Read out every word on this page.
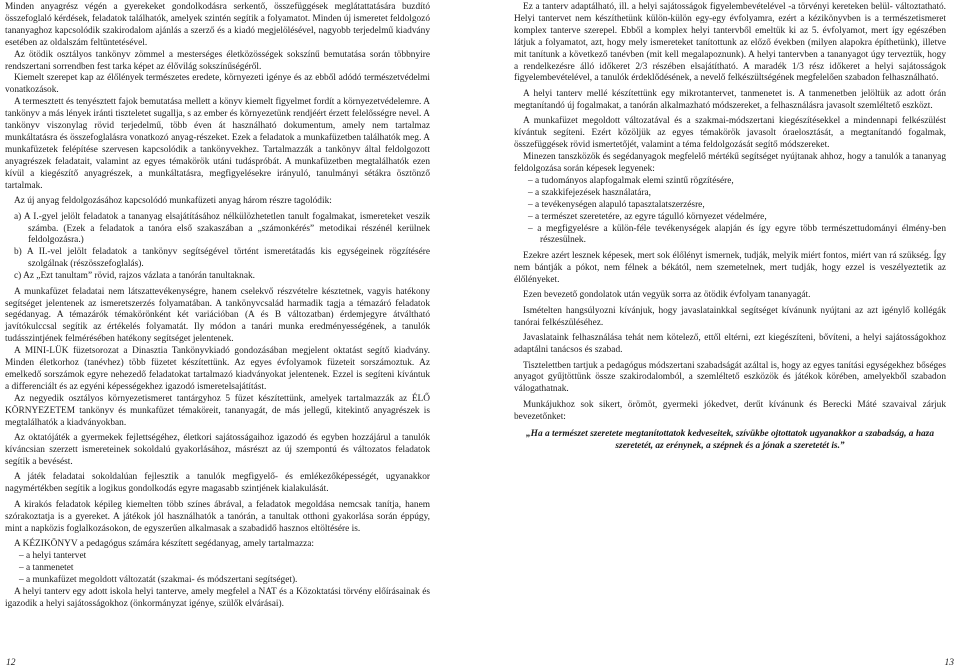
Minden anyagrész végén a gyerekeket gondolkodásra serkentő, összefüggések meglátattatására buzdító összefoglaló kérdések, feladatok találhatók, amelyek szintén segítik a folyamatot. Minden új ismeretet feldolgozó tananyaghoz kapcsolódik szakirodalom ajánlás a szerző és a kiadó megjelölésével, nagyobb terjedelmű kiadvány esetében az oldalszám feltüntetésével.

Az ötödik osztályos tankönyv zömmel a mesterséges életközösségek sokszínű bemutatása során többnyire rendszertani sorrendben fest tarka képet az élővilág sokszínűségéről.

Kiemelt szerepet kap az élőlények természetes eredete, környezeti igénye és az ebből adódó természetvédelmi vonatkozások.

A termesztett és tenyésztett fajok bemutatása mellett a könyv kiemelt figyelmet fordít a környezetvédelemre. A tankönyv a más lények iránti tiszteletet sugallja, s az ember és környezetünk rendjéért érzett felelősségre nevel. A tankönyv viszonylag rövid terjedelmű, több éven át használható dokumentum, amely nem tartalmaz munkáltatásra és összefoglalásra vonatkozó anyag-részeket. Ezek a feladatok a munkafüzetben találhatók meg. A munkafüzetek felépítése szervesen kapcsolódik a tankönyvekhez. Tartalmazzák a tankönyv által feldolgozott anyagrészek feladatait, valamint az egyes témakörök utáni tudáspróbát. A munkafüzetben megtalálhatók ezen kívül a kiegészítő anyagrészek, a munkáltatásra, megfigyelésekre irányuló, tanulmányi sétákra ösztönző tartalmak.

Az új anyag feldolgozásához kapcsolódó munkafüzeti anyag három részre tagolódik:

a) A I.-gyel jelölt feladatok a tananyag elsajátításához nélkülözhetetlen tanult fogalmakat, ismereteket veszik számba. (Ezek a feladatok a tanóra első szakaszában a „számonkérés” metodikai részénél kerülnek feldolgozásra.)

b) A II.-vel jelölt feladatok a tankönyv segítségével történt ismeretátadás kis egységeinek rögzítésére szolgálnak (részösszefoglalás).

c) Az „Ezt tanultam” rövid, rajzos vázlata a tanórán tanultaknak.

A munkafüzet feladatai nem látszattevékenységre, hanem cselekvő részvételre késztetnek, vagyis hatékony segítséget jelentenek az ismeretszerzés folyamatában. A tankönyvcsalád harmadik tagja a témazáró feladatok segédanyag. A témazárók témakörönként két variációban (A és B változatban) érdemjegyre átváltható javítókulccsal segítik az értékelés folyamatát. Ily módon a tanári munka eredményességének, a tanulók tudásszintjének felmérésében hatékony segítséget jelentenek.

A MINI-LÜK füzetsorozat a Dinasztia Tankönyvkiadó gondozásában megjelent oktatást segítő kiadvány. Minden életkorhoz (tanévhez) több füzetet készítettünk. Az egyes évfolyamok füzeteit sorszámoztuk. Az emelkedő sorszámok egyre nehezedő feladatokat tartalmazó kiadványokat jelentenek. Ezzel is segíteni kívántuk a differenciált és az egyéni képességekhez igazodó ismeretelsajátítást.

Az negyedik osztályos környezetismeret tantárgyhoz 5 füzet készítettünk, amelyek tartalmazzák az ÉLŐ KÖRNYEZETEM tankönyv és munkafüzet témaköreit, tananyagát, de más jellegű, kitekintő anyagrészek is megtalálhatók a kiadványokban.

Az oktatójáték a gyermekek fejlettségéhez, életkori sajátosságaihoz igazodó és egyben hozzájárul a tanulók kíváncsian szerzett ismereteinek sokoldalú gyakorlásához, másrészt az új szempontú és változatos feladatok segítik a bevésést.

A játék feladatai sokoldalúan fejlesztik a tanulók megfigyelő- és emlékezőképességét, ugyanakkor nagymértékben segítik a logikus gondolkodás egyre magasabb szintjének kialakulását.

A kirakós feladatok képileg kiemelten több színes ábrával, a feladatok megoldása nemcsak tanítja, hanem szórakoztatja is a gyereket. A játékok jól használhatók a tanórán, a tanultak otthoni gyakorlása során éppúgy, mint a napközis foglalkozásokon, de egyszerűen alkalmasak a szabadidő hasznos eltöltésére is.

A KÉZIKÖNYV a pedagógus számára készített segédanyag, amely tartalmazza:

– a helyi tantervet

– a tanmenetet

– a munkafüzet megoldott változatát (szakmai- és módszertani segítséget).

A helyi tanterv egy adott iskola helyi tanterve, amely megfelel a NAT és a Közoktatási törvény előírásainak és igazodik a helyi sajátosságokhoz (önkormányzat igénye, szülők elvárásai).

Ez a tanterv adaptálható, ill. a helyi sajátosságok figyelembevételével -a törvényi kereteken belül- változtatható. Helyi tantervet nem készíthetünk külön-külön egy-egy évfolyamra, ezért a kézikönyvben is a természetismeret komplex tanterve szerepel. Ebből a komplex helyi tantervből emeltük ki az 5. évfolyamot, mert így egészében látjuk a folyamatot, azt, hogy mely ismereteket tanítottunk az előző években (milyen alapokra építhetünk), illetve mit tanítunk a következő tanévben (mit kell megalapoznunk). A helyi tantervben a tananyagot úgy terveztük, hogy a rendelkezésre álló időkeret 2/3 részében elsajátítható. A maradék 1/3 rész időkeret a helyi sajátosságok figyelembevételével, a tanulók érdeklődésének, a nevelő felkészültségének megfelelően szabadon felhasználható.

A helyi tanterv mellé készítettünk egy mikrotantervet, tanmenetet is. A tanmenetben jelöltük az adott órán megtanítandó új fogalmakat, a tanórán alkalmazható módszereket, a felhasználásra javasolt szemléltető eszközt.

A munkafüzet megoldott változatával és a szakmai-módszertani kiegészítésekkel a mindennapi felkészülést kívántuk segíteni. Ezért közöljük az egyes témakörök javasolt óraelosztását, a megtanítandó fogalmak, összefüggések rövid ismertetőjét, valamint a téma feldolgozását segítő módszereket.

Minezen tanszközök és segédanyagok megfelelő mértékű segítséget nyújtanak ahhoz, hogy a tanulók a tananyag feldolgozása során képesek legyenek:

– a tudományos alapfogalmak elemi szintű rögzítésére,

– a szakkifejezések használatára,

– a tevékenységen alapuló tapasztalatszerzésre,

– a természet szeretetére, az egyre tágulló környezet védelmére,

– a megfigyelésre a külön-féle tevékenységek alapján és így egyre több természettudományi élmény-ben részesülnek.

Ezekre azért lesznek képesek, mert sok élőlényt ismernek, tudják, melyik miért fontos, miért van rá szükség. Így nem bántják a pókot, nem félnek a békától, nem szemetelnek, mert tudják, hogy ezzel is veszélyeztetik az élőlényeket.

Ezen bevezető gondolatok után vegyük sorra az ötödik évfolyam tananyagát.

Ismételten hangsúlyozni kívánjuk, hogy javaslatainkkal segítséget kívánunk nyújtani az azt igénylő kollégák tanórai felkészüléséhez.

Javaslataink felhasználása tehát nem kötelező, ettől eltérni, ezt kiegészíteni, bővíteni, a helyi sajátosságokhoz adaptálni tanácsos és szabad.

Tisztelettben tartjuk a pedagógus módszertani szabadságát azáltal is, hogy az egyes tanítási egységekhez bőséges anyagot gyűjtöttünk össze szakirodalomból, a szemléltető eszközök és játékok körében, amelyekből szabadon válogathatnak.

Munkájukhoz sok sikert, örömöt, gyermeki jókedvet, derűt kívánunk és Berecki Máté szavaival zárjuk bevezetőnket:

„Ha a természet szeretete megtanítottatok kedveseitek, szívükbe ojtottatok ugyanakkor a szabadság, a haza szeretetét, az erénynek, a szépnek és a jónak a szeretetét is.”

12	13
